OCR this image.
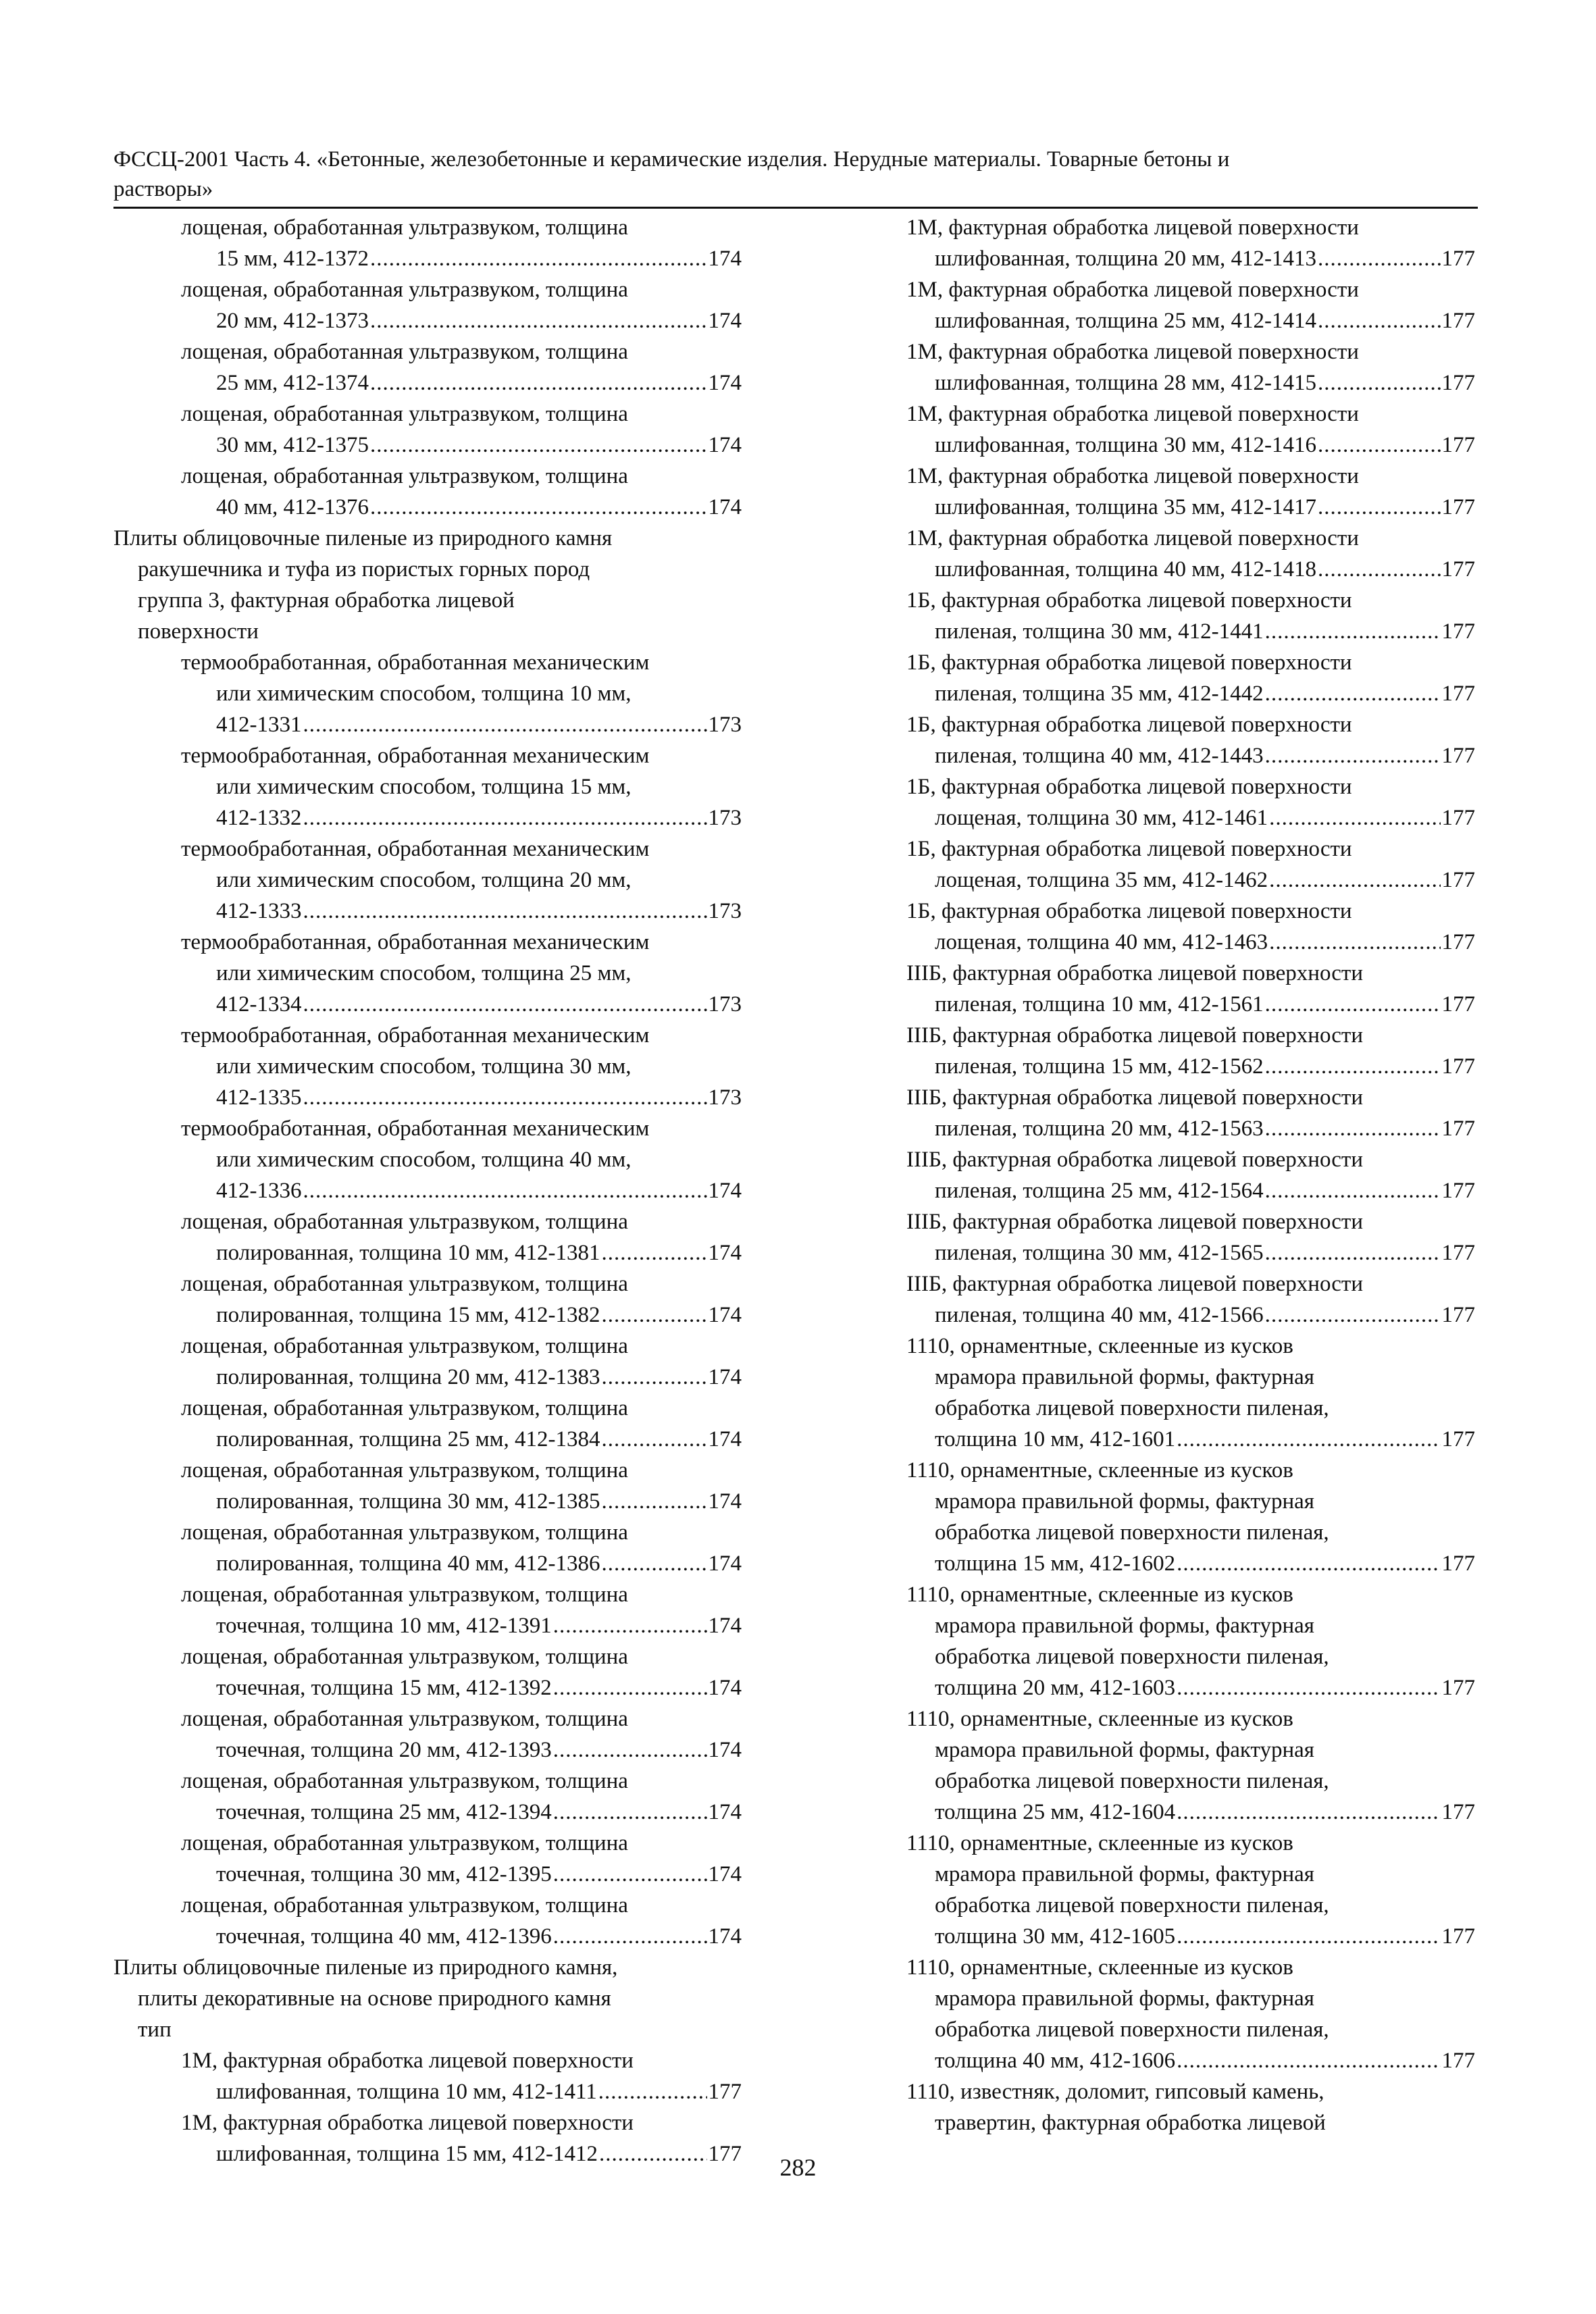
ФССЦ-2001 Часть 4. «Бетонные, железобетонные и керамические изделия. Нерудные материалы. Товарные бетоны и
растворы»
лощеная, обработанная ультразвуком, толщина
15 мм, 412-1372 .....	174
лощеная, обработанная ультразвуком, толщина
20 мм, 412-1373 .....	174
лощеная, обработанная ультразвуком, толщина
25 мм, 412-1374 .....	174
лощеная, обработанная ультразвуком, толщина
30 мм, 412-1375 .....	174
лощеная, обработанная ультразвуком, толщина
40 мм, 412-1376 .....	174
Плиты облицовочные пиленые из природного камня
ракушечника и туфа из пористых горных пород
группа 3, фактурная обработка лицевой
поверхности
термообработанная, обработанная механическим
или химическим способом, толщина 10 мм,
412-1331 .....	173
термообработанная, обработанная механическим
или химическим способом, толщина 15 мм,
412-1332 .....	173
термообработанная, обработанная механическим
или химическим способом, толщина 20 мм,
412-1333 .....	173
термообработанная, обработанная механическим
или химическим способом, толщина 25 мм,
412-1334 .....	173
термообработанная, обработанная механическим
или химическим способом, толщина 30 мм,
412-1335 .....	173
термообработанная, обработанная механическим
или химическим способом, толщина 40 мм,
412-1336 .....	174
лощеная, обработанная ультразвуком, толщина
полированная, толщина 10 мм, 412-1381 .....	174
лощеная, обработанная ультразвуком, толщина
полированная, толщина 15 мм, 412-1382 .....	174
лощеная, обработанная ультразвуком, толщина
полированная, толщина 20 мм, 412-1383 .....	174
лощеная, обработанная ультразвуком, толщина
полированная, толщина 25 мм, 412-1384 .....	174
лощеная, обработанная ультразвуком, толщина
полированная, толщина 30 мм, 412-1385 .....	174
лощеная, обработанная ультразвуком, толщина
полированная, толщина 40 мм, 412-1386 .....	174
лощеная, обработанная ультразвуком, толщина
точечная, толщина 10 мм, 412-1391 .....	174
лощеная, обработанная ультразвуком, толщина
точечная, толщина 15 мм, 412-1392 .....	174
лощеная, обработанная ультразвуком, толщина
точечная, толщина 20 мм, 412-1393 .....	174
лощеная, обработанная ультразвуком, толщина
точечная, толщина 25 мм, 412-1394 .....	174
лощеная, обработанная ультразвуком, толщина
точечная, толщина 30 мм, 412-1395 .....	174
лощеная, обработанная ультразвуком, толщина
точечная, толщина 40 мм, 412-1396 .....	174
Плиты облицовочные пиленые из природного камня,
плиты декоративные на основе природного камня
тип
1М, фактурная обработка лицевой поверхности
шлифованная, толщина 10 мм, 412-1411 .....	177
1М, фактурная обработка лицевой поверхности
шлифованная, толщина 15 мм, 412-1412 .....	177
1М, фактурная обработка лицевой поверхности
шлифованная, толщина 20 мм, 412-1413 .....	177
1М, фактурная обработка лицевой поверхности
шлифованная, толщина 25 мм, 412-1414 .....	177
1М, фактурная обработка лицевой поверхности
шлифованная, толщина 28 мм, 412-1415 .....	177
1М, фактурная обработка лицевой поверхности
шлифованная, толщина 30 мм, 412-1416 .....	177
1М, фактурная обработка лицевой поверхности
шлифованная, толщина 35 мм, 412-1417 .....	177
1М, фактурная обработка лицевой поверхности
шлифованная, толщина 40 мм, 412-1418 .....	177
1Б, фактурная обработка лицевой поверхности
пиленая, толщина 30 мм, 412-1441 .....	177
1Б, фактурная обработка лицевой поверхности
пиленая, толщина 35 мм, 412-1442 .....	177
1Б, фактурная обработка лицевой поверхности
пиленая, толщина 40 мм, 412-1443 .....	177
1Б, фактурная обработка лицевой поверхности
лощеная, толщина 30 мм, 412-1461 .....	177
1Б, фактурная обработка лицевой поверхности
лощеная, толщина 35 мм, 412-1462 .....	177
1Б, фактурная обработка лицевой поверхности
лощеная, толщина 40 мм, 412-1463 .....	177
IIIБ, фактурная обработка лицевой поверхности
пиленая, толщина 10 мм, 412-1561 .....	177
IIIБ, фактурная обработка лицевой поверхности
пиленая, толщина 15 мм, 412-1562 .....	177
IIIБ, фактурная обработка лицевой поверхности
пиленая, толщина 20 мм, 412-1563 .....	177
IIIБ, фактурная обработка лицевой поверхности
пиленая, толщина 25 мм, 412-1564 .....	177
IIIБ, фактурная обработка лицевой поверхности
пиленая, толщина 30 мм, 412-1565 .....	177
IIIБ, фактурная обработка лицевой поверхности
пиленая, толщина 40 мм, 412-1566 .....	177
1110, орнаментные, склеенные из кусков
мрамора правильной формы, фактурная
обработка лицевой поверхности пиленая,
толщина 10 мм, 412-1601 .....	177
1110, орнаментные, склеенные из кусков
мрамора правильной формы, фактурная
обработка лицевой поверхности пиленая,
толщина 15 мм, 412-1602 .....	177
1110, орнаментные, склеенные из кусков
мрамора правильной формы, фактурная
обработка лицевой поверхности пиленая,
толщина 20 мм, 412-1603 .....	177
1110, орнаментные, склеенные из кусков
мрамора правильной формы, фактурная
обработка лицевой поверхности пиленая,
толщина 25 мм, 412-1604 .....	177
1110, орнаментные, склеенные из кусков
мрамора правильной формы, фактурная
обработка лицевой поверхности пиленая,
толщина 30 мм, 412-1605 .....	177
1110, орнаментные, склеенные из кусков
мрамора правильной формы, фактурная
обработка лицевой поверхности пиленая,
толщина 40 мм, 412-1606 .....	177
1110, известняк, доломит, гипсовый камень,
травертин, фактурная обработка лицевой
282
